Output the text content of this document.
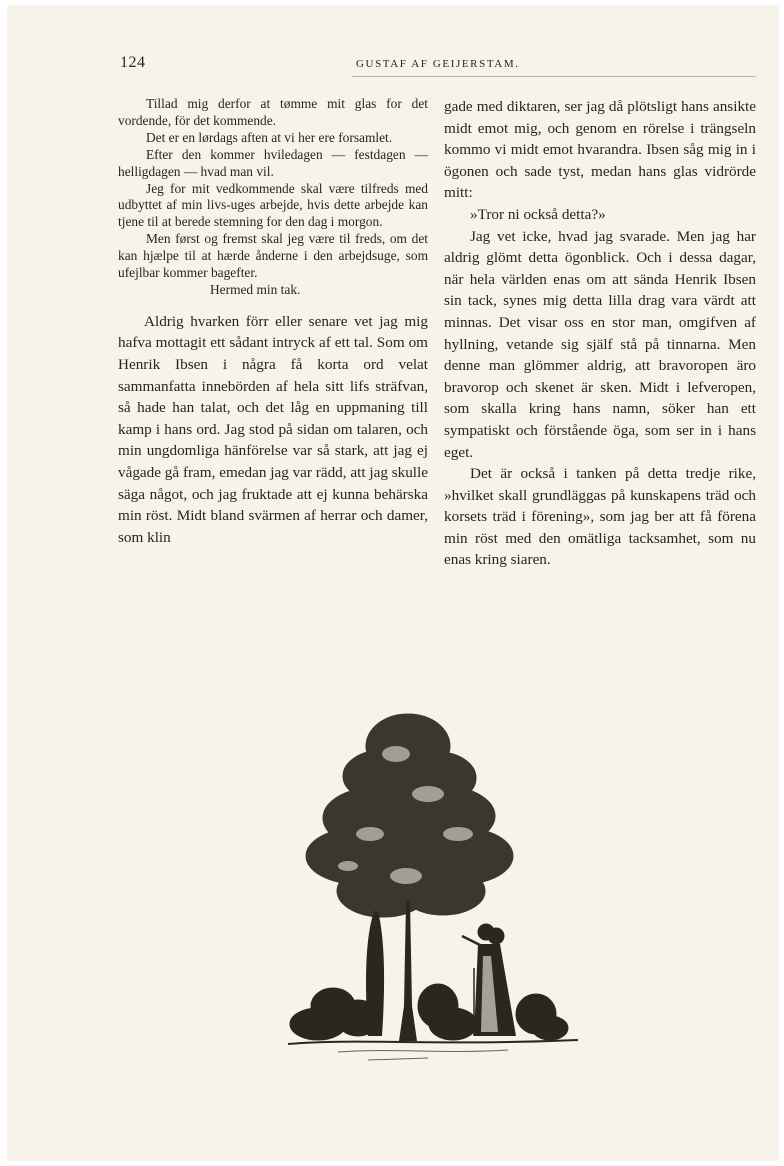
124	GUSTAF AF GEIJERSTAM.

Tillad mig derfor at tømme mit glas for det vordende, för det kommende.

Det er en lørdags aften at vi her ere forsamlet.

Efter den kommer hviledagen — festdagen — helligdagen — hvad man vil.

Jeg for mit vedkommende skal være tilfreds med udbyttet af min livs-uges arbejde, hvis dette arbejde kan tjene til at berede stemning for den dag i morgon.

Men først og fremst skal jeg være til freds, om det kan hjælpe til at hærde ånderne i den arbejdsuge, som ufejlbar kommer bagefter.

Hermed min tak.

Aldrig hvarken förr eller senare vet jag mig hafva mottagit ett sådant intryck af ett tal. Som om Henrik Ibsen i några få korta ord velat sammanfatta innebörden af hela sitt lifs sträfvan, så hade han talat, och det låg en uppmaning till kamp i hans ord. Jag stod på sidan om talaren, och min ungdomliga hänförelse var så stark, att jag ej vågade gå fram, emedan jag var rädd, att jag skulle säga något, och jag fruktade att ej kunna behärska min röst. Midt bland svärmen af herrar och damer, som klin

gade med diktaren, ser jag då plötsligt hans ansikte midt emot mig, och genom en rörelse i trängseln kommo vi midt emot hvarandra. Ibsen såg mig in i ögonen och sade tyst, medan hans glas vidrörde mitt:

»Tror ni också detta?»

Jag vet icke, hvad jag svarade. Men jag har aldrig glömt detta ögonblick. Och i dessa dagar, när hela världen enas om att sända Henrik Ibsen sin tack, synes mig detta lilla drag vara värdt att minnas. Det visar oss en stor man, omgifven af hyllning, vetande sig själf stå på tinnarna. Men denne man glömmer aldrig, att bravoropen äro bravorop och skenet är sken. Midt i lefveropen, som skalla kring hans namn, söker han ett sympatiskt och förstående öga, som ser in i hans eget.

Det är också i tanken på detta tredje rike, »hvilket skall grundläggas på kunskapens träd och korsets träd i förening», som jag ber att få förena min röst med den omätliga tacksamhet, som nu enas kring siaren.
